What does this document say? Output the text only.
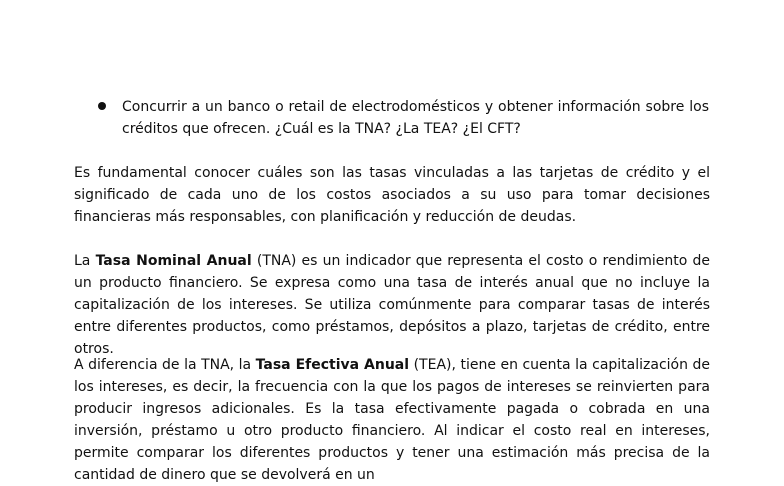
Concurrir a un banco o retail de electrodomésticos y obtener información sobre los créditos que ofrecen. ¿Cuál es la TNA? ¿La TEA? ¿El CFT?

Es fundamental conocer cuáles son las tasas vinculadas a las tarjetas de crédito y el significado de cada uno de los costos asociados a su uso para tomar decisiones financieras más responsables, con planificación y reducción de deudas.

La Tasa Nominal Anual (TNA) es un indicador que representa el costo o rendimiento de un producto financiero. Se expresa como una tasa de interés anual que no incluye la capitalización de los intereses. Se utiliza comúnmente para comparar tasas de interés entre diferentes productos, como préstamos, depósitos a plazo, tarjetas de crédito, entre otros.

A diferencia de la TNA, la Tasa Efectiva Anual (TEA), tiene en cuenta la capitalización de los intereses, es decir, la frecuencia con la que los pagos de intereses se reinvierten para producir ingresos adicionales. Es la tasa efectivamente pagada o cobrada en una inversión, préstamo u otro producto financiero. Al indicar el costo real en intereses, permite comparar los diferentes productos y tener una estimación más precisa de la cantidad de dinero que se devolverá en un
